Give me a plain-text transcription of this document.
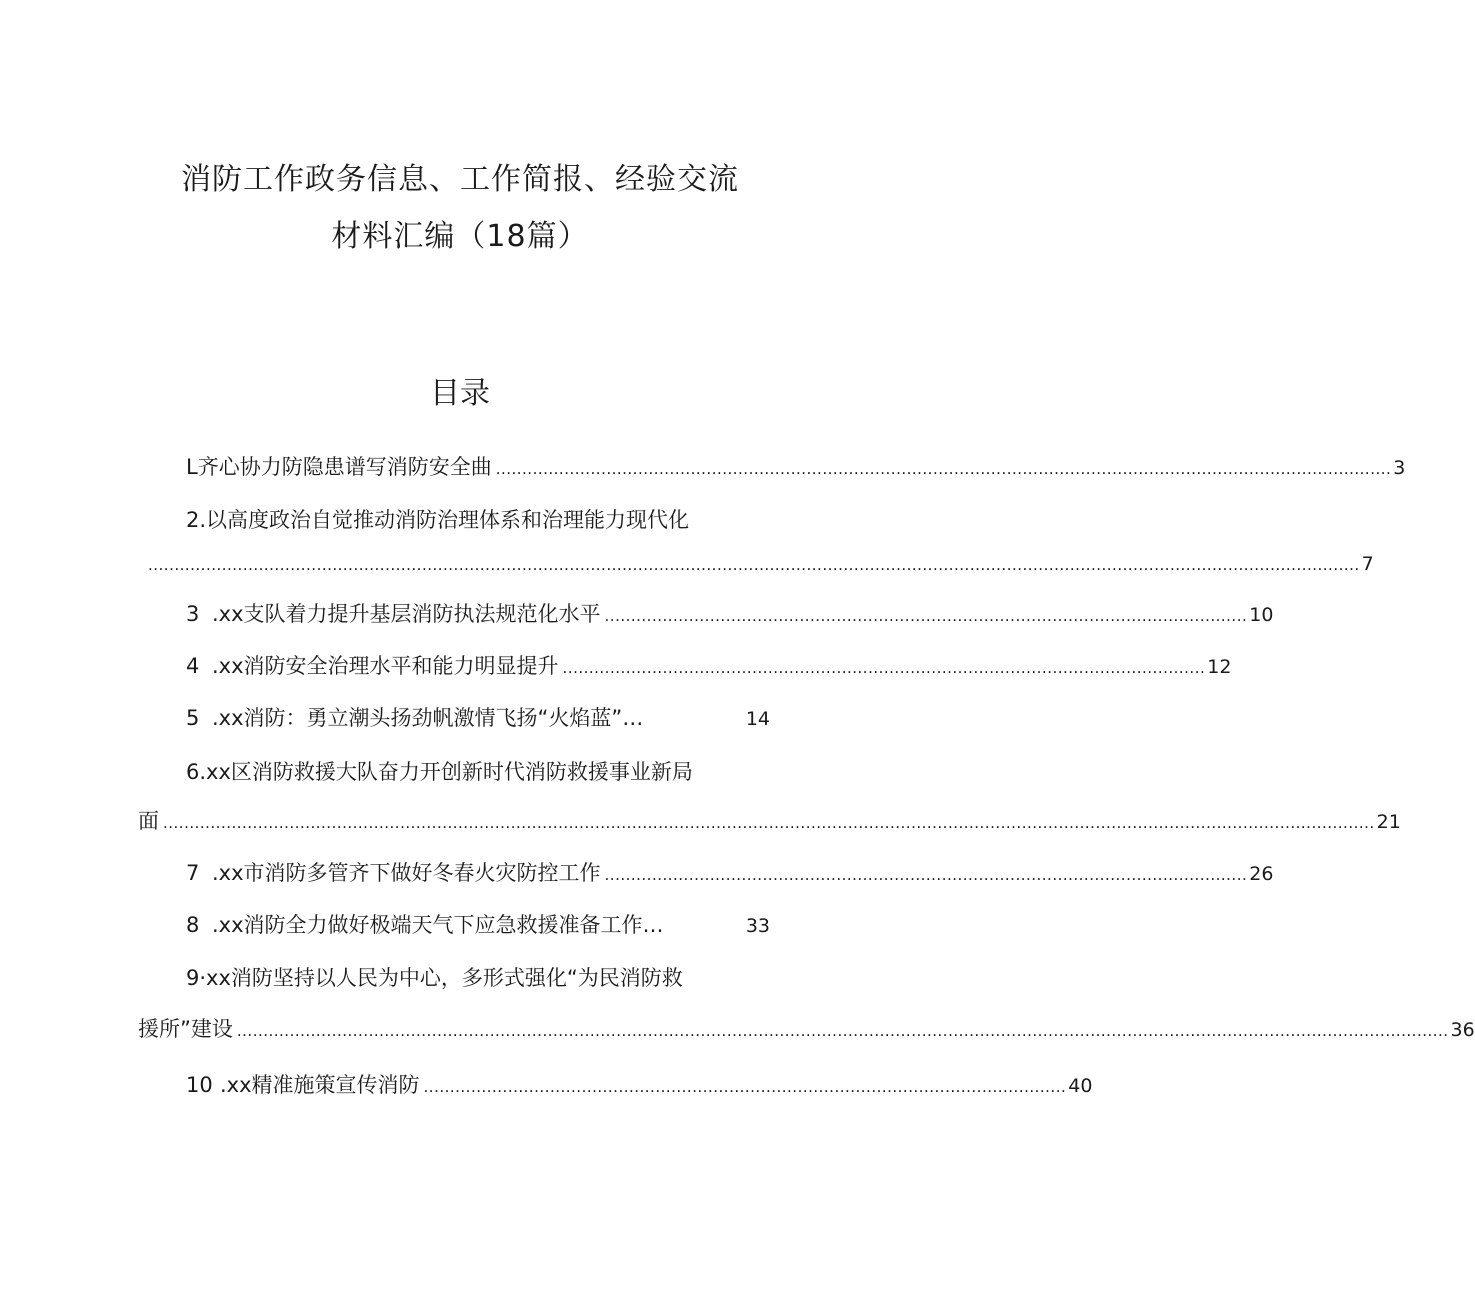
消防工作政务信息、工作简报、经验交流
材料汇编（18篇）
目录
L齐心协力防隐患谱写消防安全曲 .......................................................................................................................................................................... 3
2.以高度政治自觉推动消防治理体系和治理能力现代化
...................................................................................................................................................................................................................................... 7
3 .xx支队着力提升基层消防执法规范化水平 .......................................................................................................................... 10
4 .xx消防安全治理水平和能力明显提升 .......................................................................................................................... 12
5 .xx消防：勇立潮头扬劲帆激情飞扬“火焰蓝”…	14
6.xx区消防救援大队奋力开创新时代消防救援事业新局
面 ...................................................................................................................................................................................................................................... 21
7 .xx市消防多管齐下做好冬春火灾防控工作 .......................................................................................................................... 26
8 .xx消防全力做好极端天气下应急救援准备工作…	33
9·xx消防坚持以人民为中心，多形式强化“为民消防救
援所”建设 ...................................................................................................................................................................................................................................... 36
10 .xx精准施策宣传消防 .......................................................................................................................... 40
